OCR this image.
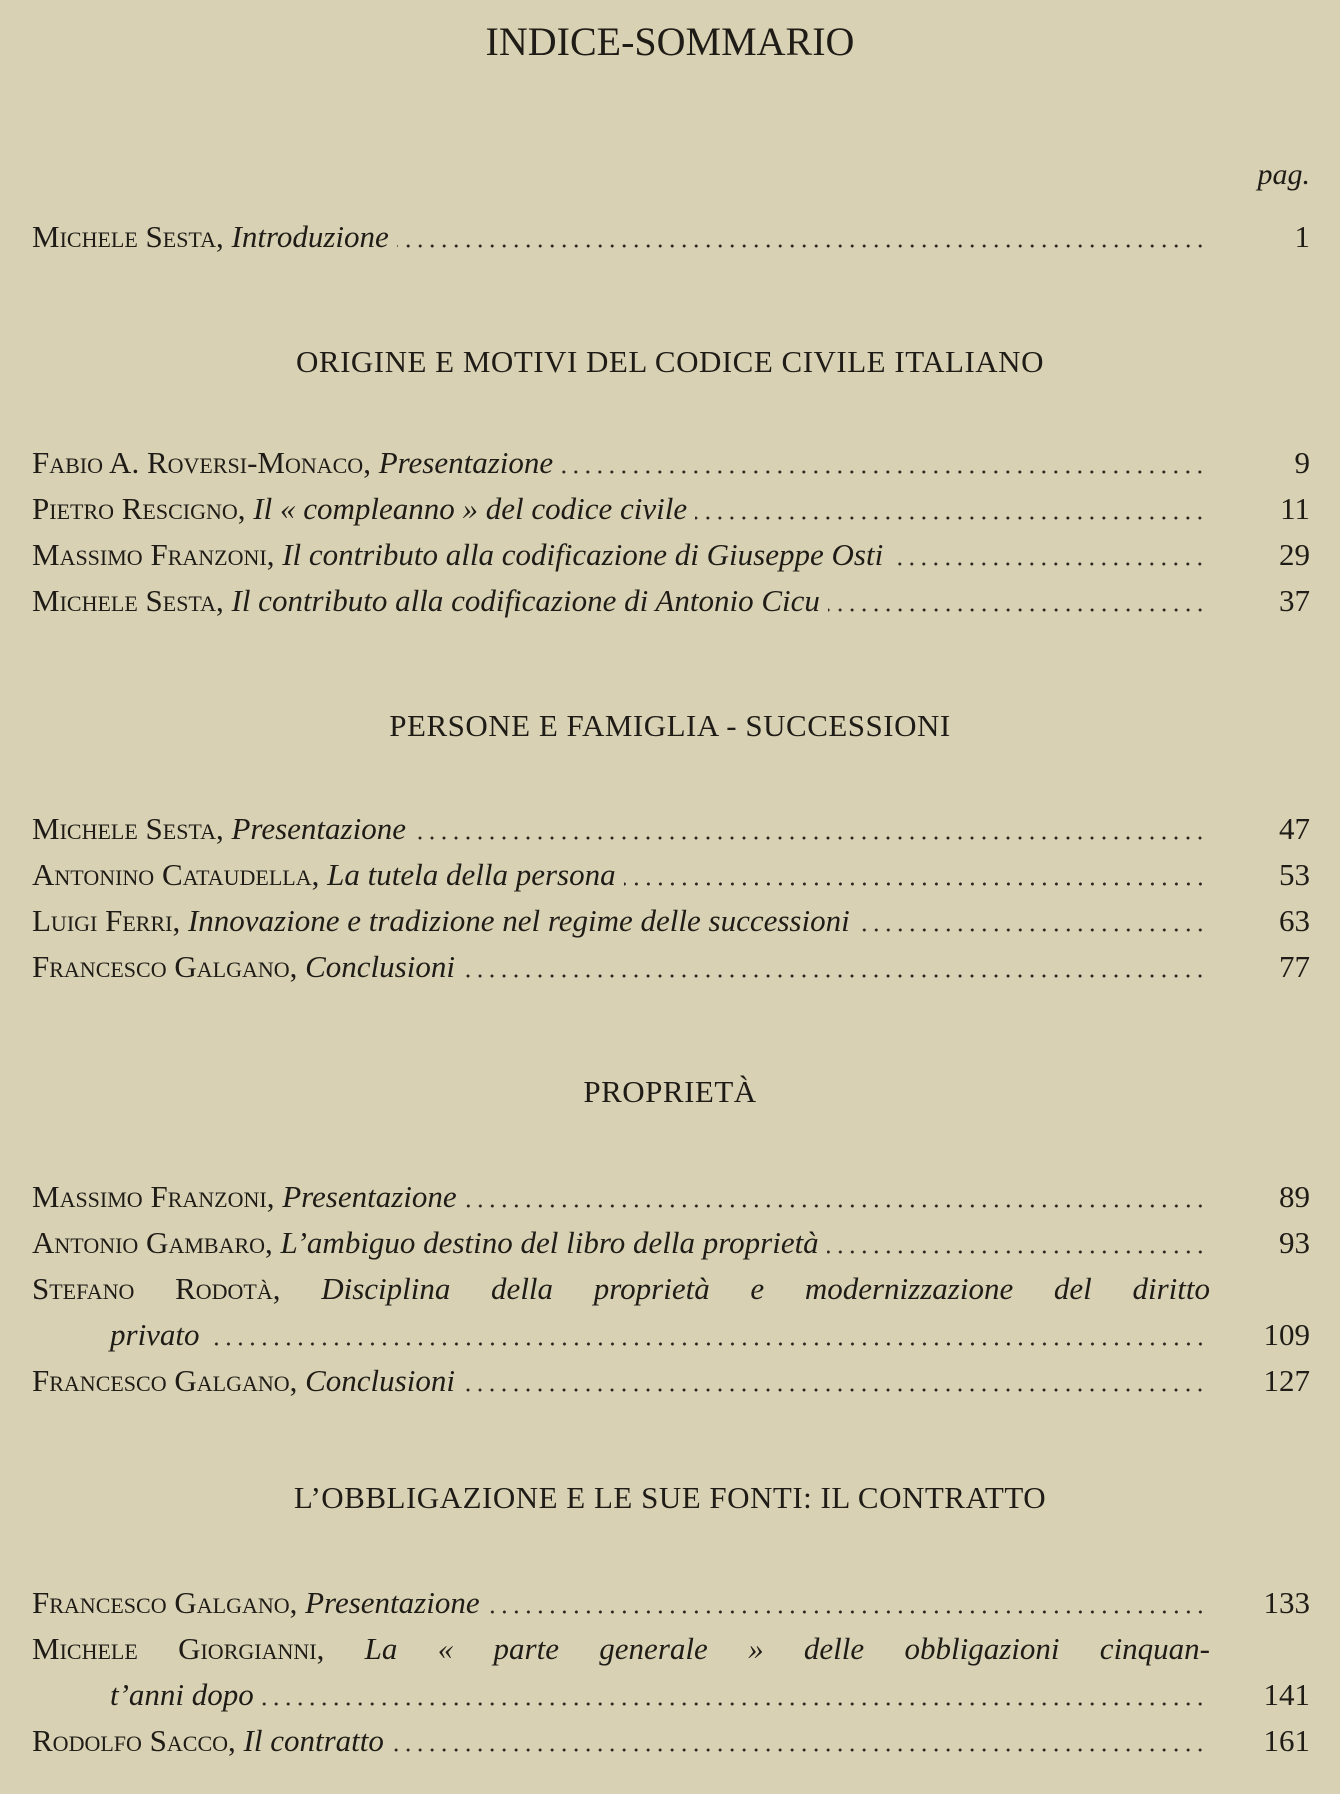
INDICE-SOMMARIO
pag.
Michele Sesta , Introduzione	1
ORIGINE E MOTIVI DEL CODICE CIVILE ITALIANO
Fabio A. Roversi-Monaco , Presentazione	9
Pietro Rescigno , Il « compleanno » del codice civile	11
Massimo Franzoni , Il contributo alla codificazione di Giuseppe Osti	29
Michele Sesta , Il contributo alla codificazione di Antonio Cicu	37
PERSONE E FAMIGLIA - SUCCESSIONI
Michele Sesta , Presentazione	47
Antonino Cataudella , La tutela della persona	53
Luigi Ferri , Innovazione e tradizione nel regime delle successioni	63
Francesco Galgano , Conclusioni	77
PROPRIETÀ
Massimo Franzoni , Presentazione	89
Antonio Gambaro , L’ambiguo destino del libro della proprietà	93
Stefano Rodotà, Disciplina della proprietà e modernizzazione del diritto
privato	109
Francesco Galgano , Conclusioni	127
L’OBBLIGAZIONE E LE SUE FONTI: IL CONTRATTO
Francesco Galgano , Presentazione	133
Michele Giorgianni, La « parte generale » delle obbligazioni cinquan-
t’anni dopo	141
Rodolfo Sacco , Il contratto	161
